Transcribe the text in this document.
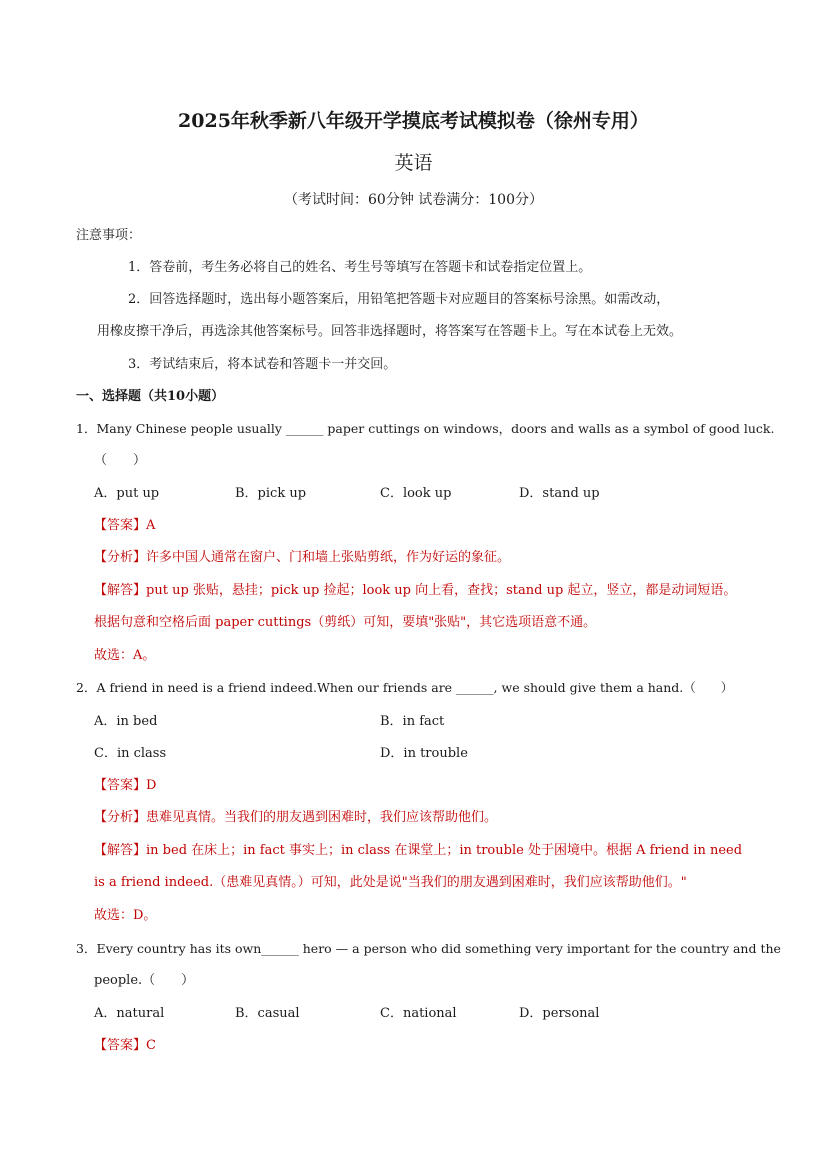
2025年秋季新八年级开学摸底考试模拟卷（徐州专用）
英语
（考试时间：60分钟 试卷满分：100分）
注意事项：
1．答卷前，考生务必将自己的姓名、考生号等填写在答题卡和试卷指定位置上。
2．回答选择题时，选出每小题答案后，用铅笔把答题卡对应题目的答案标号涂黑。如需改动，
用橡皮擦干净后，再选涂其他答案标号。回答非选择题时，将答案写在答题卡上。写在本试卷上无效。
3．考试结束后，将本试卷和答题卡一并交回。
一、选择题（共10小题）
1．Many Chinese people usually ______ paper cuttings on windows，doors and walls as a symbol of good luck.
（　　）
A．put up	B．pick up	C．look up	D．stand up
【答案】A
【分析】许多中国人通常在窗户、门和墙上张贴剪纸，作为好运的象征。
【解答】put up 张贴，悬挂；pick up 捡起；look up 向上看，查找；stand up 起立，竖立，都是动词短语。
根据句意和空格后面 paper cuttings（剪纸）可知，要填"张贴"，其它选项语意不通。
故选：A。
2．A friend in need is a friend indeed.When our friends are ______, we should give them a hand.（　　）
A．in bed	B．in fact
C．in class	D．in trouble
【答案】D
【分析】患难见真情。当我们的朋友遇到困难时，我们应该帮助他们。
【解答】in bed 在床上；in fact 事实上；in class 在课堂上；in trouble 处于困境中。根据 A friend in need
is a friend indeed.（患难见真情。）可知，此处是说"当我们的朋友遇到困难时，我们应该帮助他们。"
故选：D。
3．Every country has its own______ hero — a person who did something very important for the country and the
people.（　　）
A．natural	B．casual	C．national	D．personal
【答案】C
